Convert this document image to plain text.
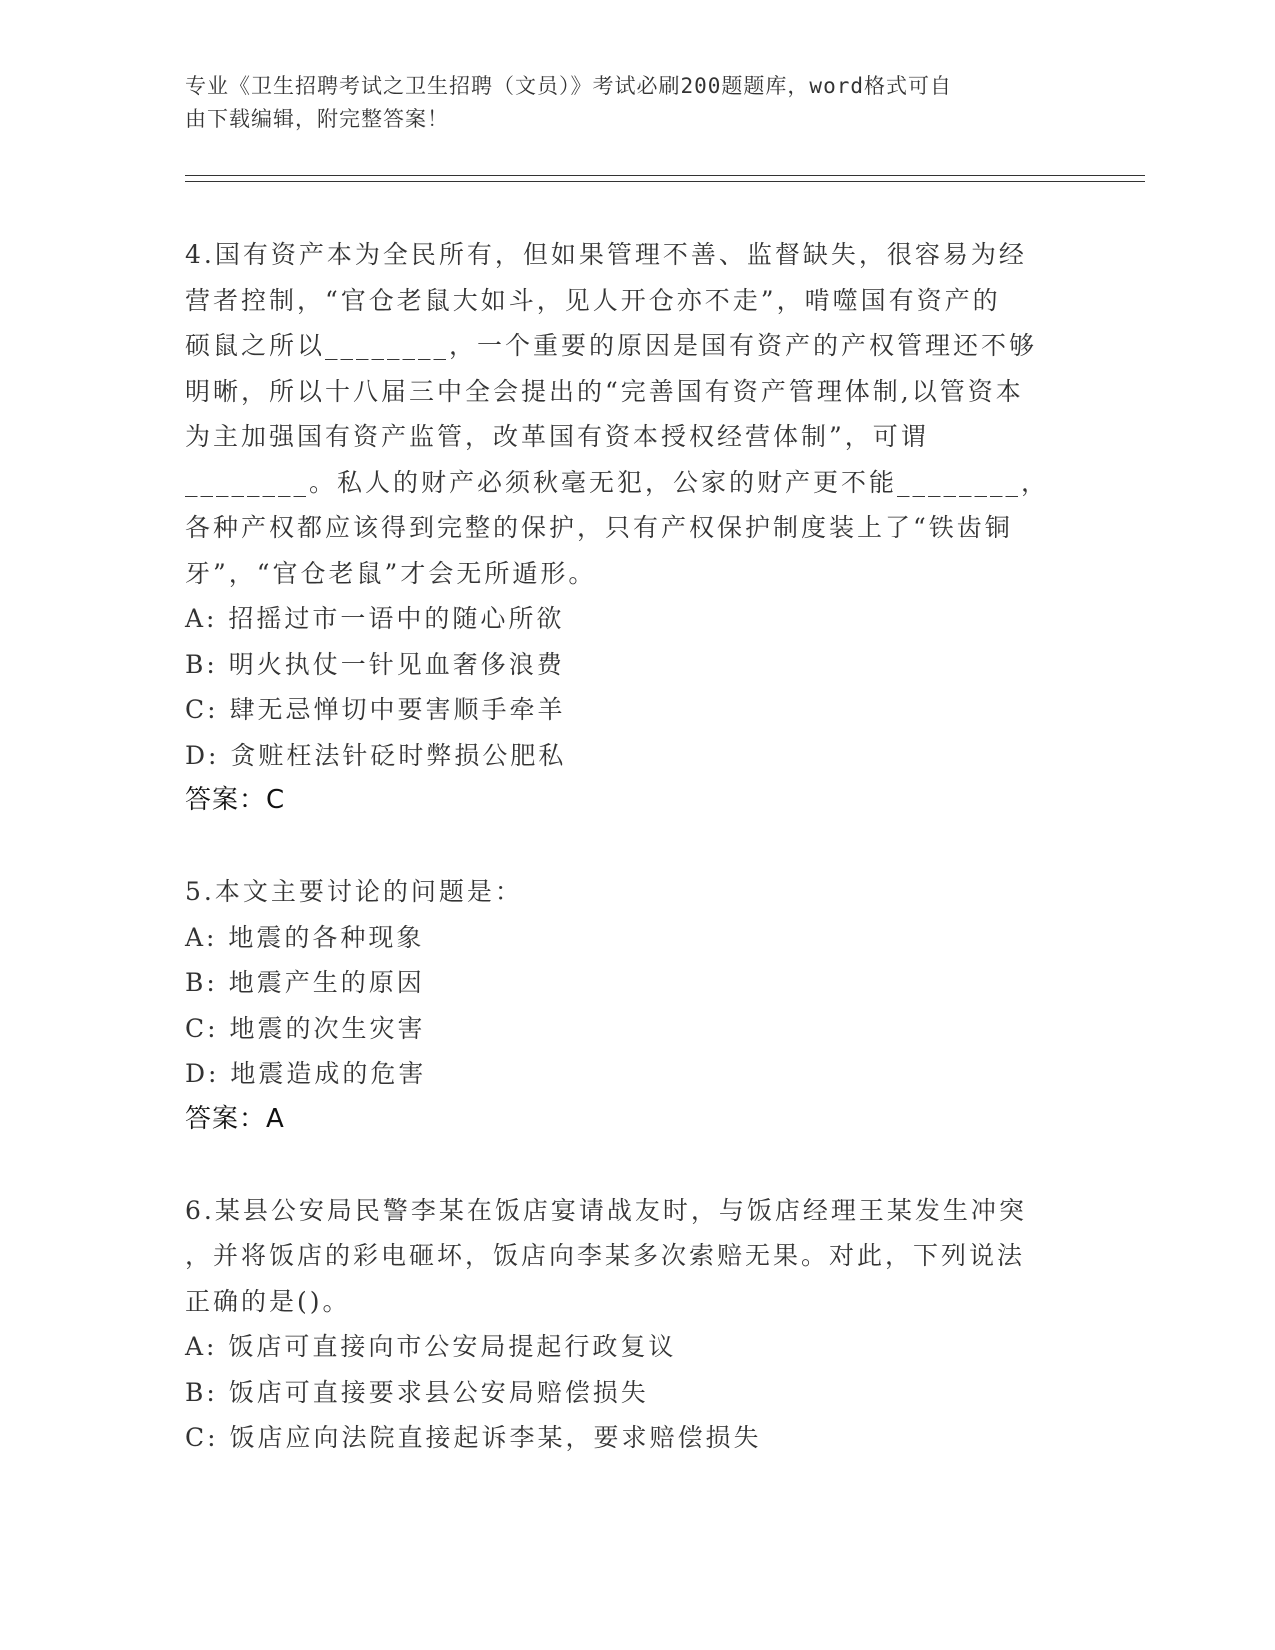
专业《卫生招聘考试之卫生招聘（文员）》考试必刷200题题库，word格式可自
由下载编辑，附完整答案！

4.国有资产本为全民所有，但如果管理不善、监督缺失，很容易为经

营者控制，“官仓老鼠大如斗，见人开仓亦不走”，啃噬国有资产的

硕鼠之所以________，一个重要的原因是国有资产的产权管理还不够

明晰，所以十八届三中全会提出的“完善国有资产管理体制,以管资本

为主加强国有资产监管，改革国有资本授权经营体制”，可谓

________。私人的财产必须秋毫无犯，公家的财产更不能________，

各种产权都应该得到完整的保护，只有产权保护制度装上了“铁齿铜

牙”，“官仓老鼠”才会无所遁形。

A: 招摇过市一语中的随心所欲

B: 明火执仗一针见血奢侈浪费

C: 肆无忌惮切中要害顺手牵羊

D: 贪赃枉法针砭时弊损公肥私

答案：C

5.本文主要讨论的问题是：

A: 地震的各种现象

B: 地震产生的原因

C: 地震的次生灾害

D: 地震造成的危害

答案：A

6.某县公安局民警李某在饭店宴请战友时，与饭店经理王某发生冲突

，并将饭店的彩电砸坏，饭店向李某多次索赔无果。对此，下列说法

正确的是()。

A: 饭店可直接向市公安局提起行政复议

B: 饭店可直接要求县公安局赔偿损失

C: 饭店应向法院直接起诉李某，要求赔偿损失
